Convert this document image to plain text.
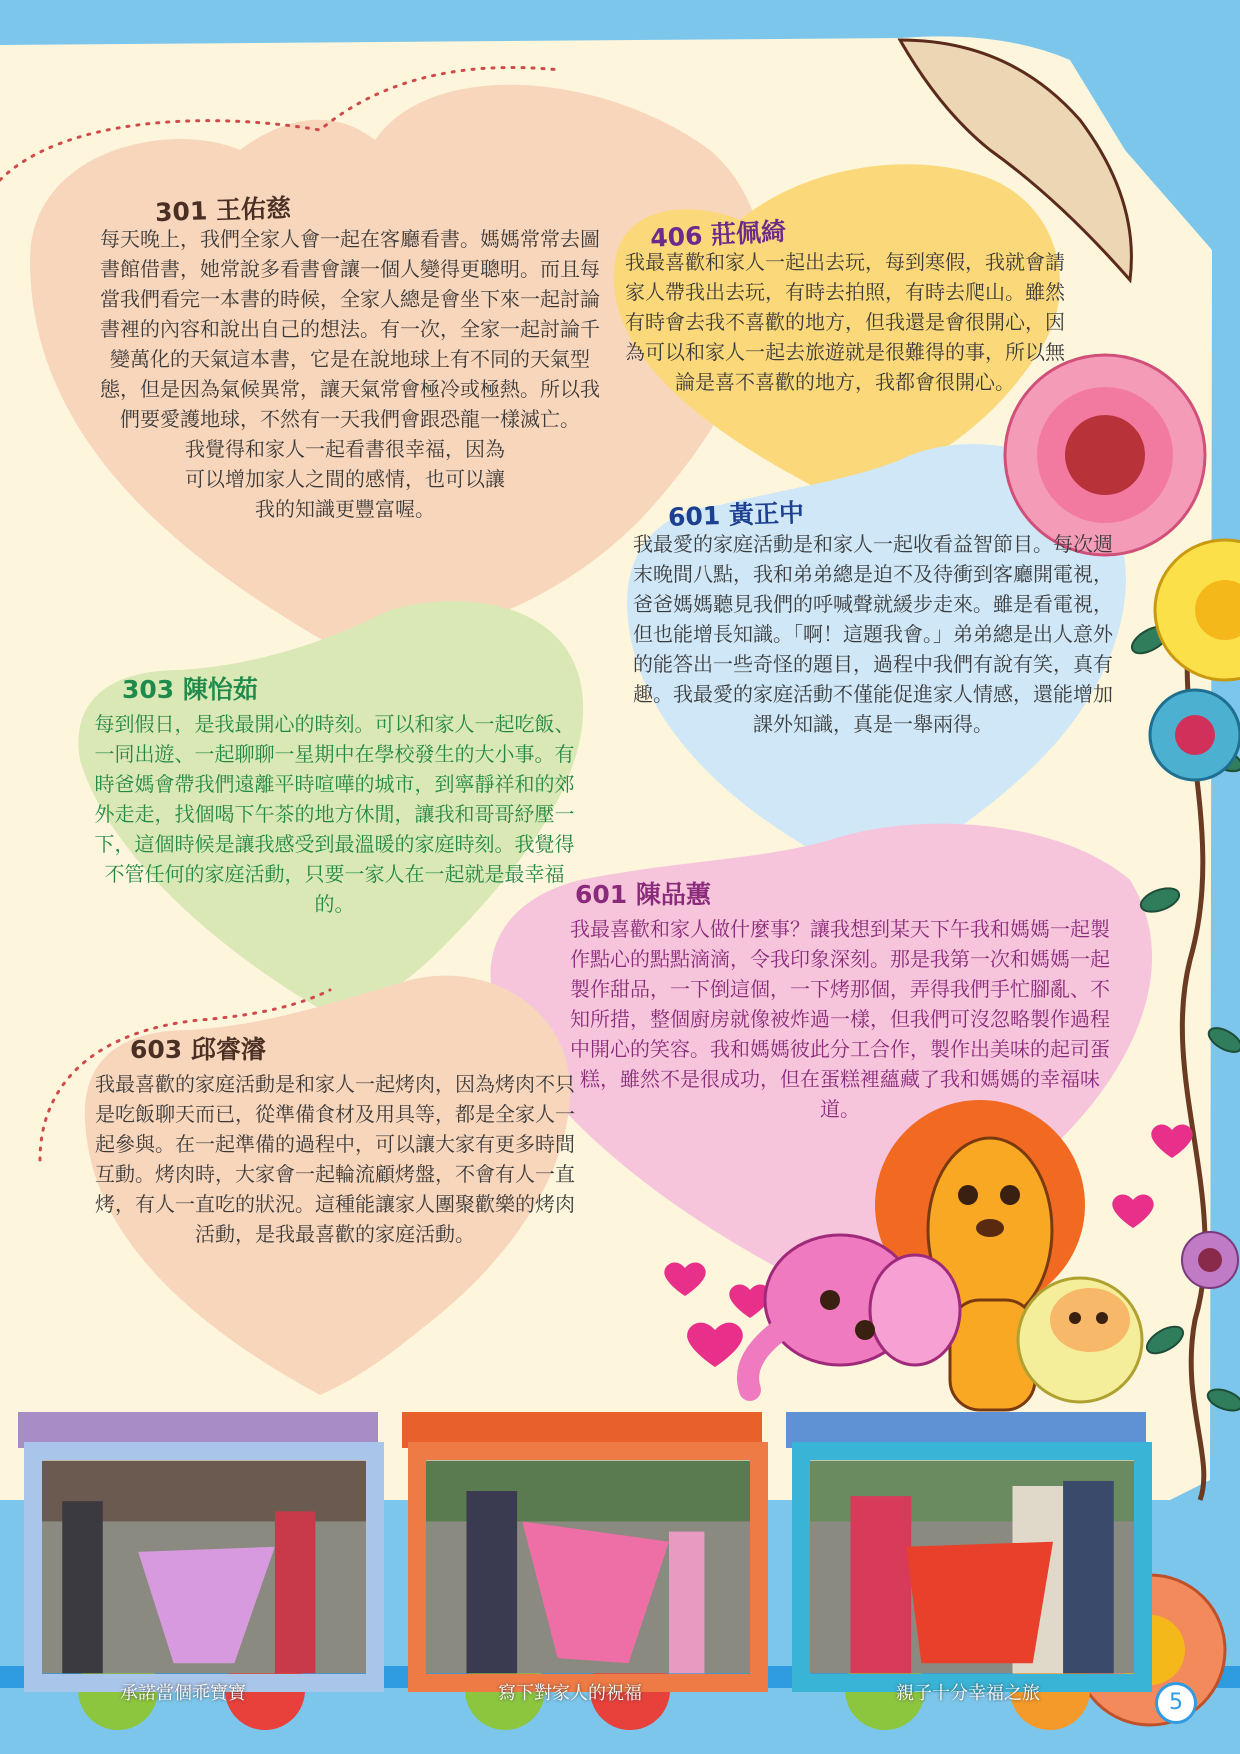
301 王佑慈

每天晚上，我們全家人會一起在客廳看書。媽媽常常去圖書館借書，她常說多看書會讓一個人變得更聰明。而且每當我們看完一本書的時候，全家人總是會坐下來一起討論書裡的內容和說出自己的想法。有一次，全家一起討論千變萬化的天氣這本書，它是在說地球上有不同的天氣型態，但是因為氣候異常，讓天氣常會極冷或極熱。所以我們要愛護地球，不然有一天我們會跟恐龍一樣滅亡。

我覺得和家人一起看書很幸福，因為可以增加家人之間的感情，也可以讓我的知識更豐富喔。

406 莊佩綺

我最喜歡和家人一起出去玩，每到寒假，我就會請家人帶我出去玩，有時去拍照，有時去爬山。雖然有時會去我不喜歡的地方，但我還是會很開心，因為可以和家人一起去旅遊就是很難得的事，所以無論是喜不喜歡的地方，我都會很開心。

601 黃正中

我最愛的家庭活動是和家人一起收看益智節目。每次週末晚間八點，我和弟弟總是迫不及待衝到客廳開電視，爸爸媽媽聽見我們的呼喊聲就緩步走來。雖是看電視，但也能增長知識。「啊！這題我會。」弟弟總是出人意外的能答出一些奇怪的題目，過程中我們有說有笑，真有趣。我最愛的家庭活動不僅能促進家人情感，還能增加課外知識，真是一舉兩得。

303 陳怡茹

每到假日，是我最開心的時刻。可以和家人一起吃飯、一同出遊、一起聊聊一星期中在學校發生的大小事。有時爸媽會帶我們遠離平時喧嘩的城市，到寧靜祥和的郊外走走，找個喝下午茶的地方休閒，讓我和哥哥紓壓一下，這個時候是讓我感受到最溫暖的家庭時刻。我覺得不管任何的家庭活動，只要一家人在一起就是最幸福的。	601 陳品蕙

我最喜歡和家人做什麼事？讓我想到某天下午我和媽媽一起製作點心的點點滴滴，令我印象深刻。那是我第一次和媽媽一起製作甜品，一下倒這個，一下烤那個，弄得我們手忙腳亂、不知所措，整個廚房就像被炸過一樣，但我們可沒忽略製作過程中開心的笑容。我和媽媽彼此分工合作，製作出美味的起司蛋糕，雖然不是很成功，但在蛋糕裡蘊藏了我和媽媽的幸福味道。

603 邱睿濬

我最喜歡的家庭活動是和家人一起烤肉，因為烤肉不只是吃飯聊天而已，從準備食材及用具等，都是全家人一起參與。在一起準備的過程中，可以讓大家有更多時間互動。烤肉時，大家會一起輪流顧烤盤，不會有人一直烤，有人一直吃的狀況。這種能讓家人團聚歡樂的烤肉活動，是我最喜歡的家庭活動。

承諾當個乖寶寶	寫下對家人的祝福	親子十分幸福之旅	5
